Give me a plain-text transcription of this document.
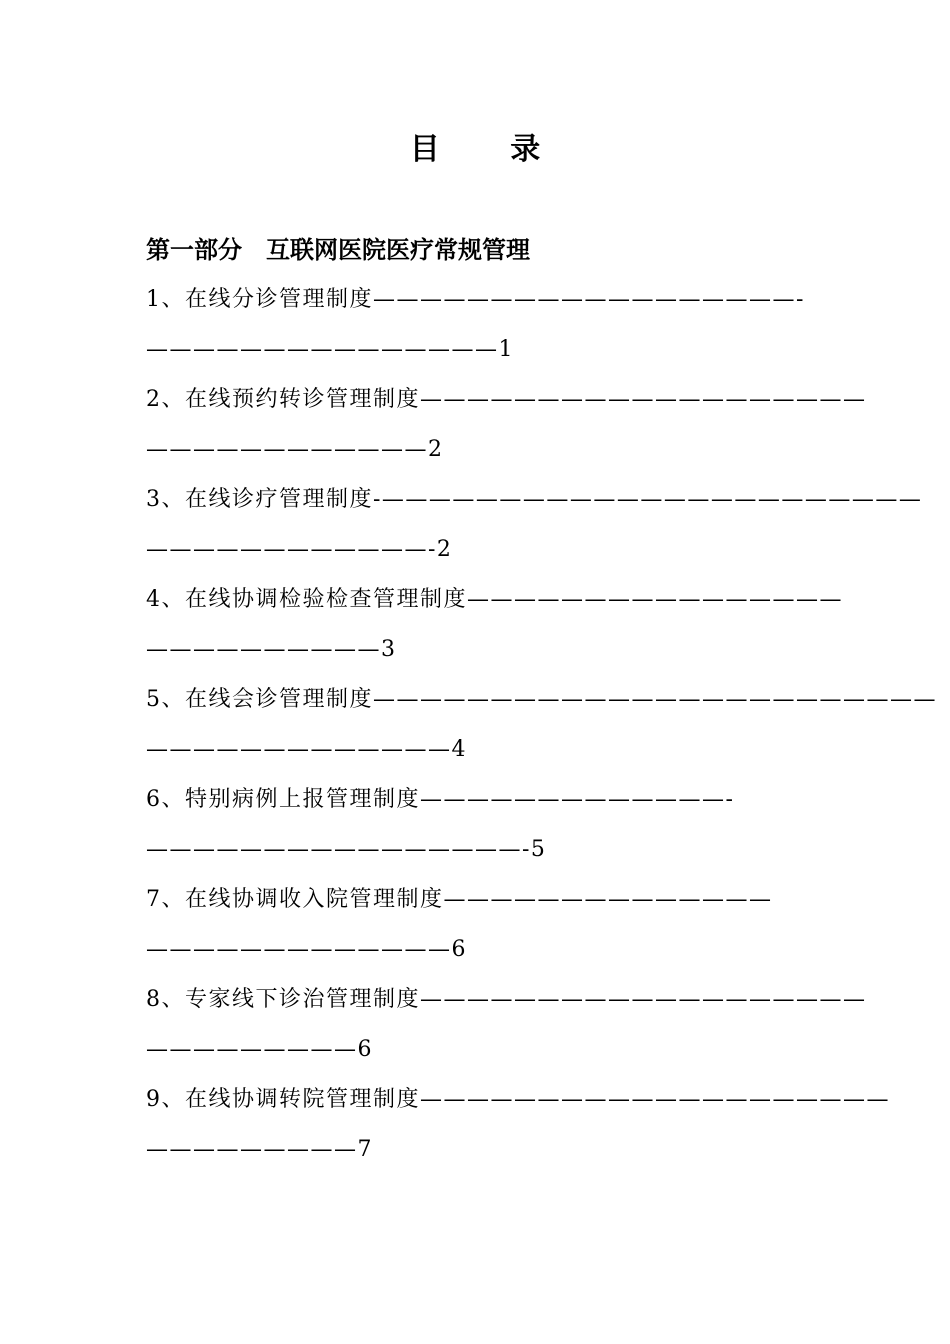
目 录
第一部分　互联网医院医疗常规管理
1、在线分诊管理制度——————————————————-
———————————————1
2、在线预约转诊管理制度———————————————————
————————————2
3、在线诊疗管理制度-———————————————————————
————————————-2
4、在线协调检验检查管理制度————————————————
——————————3
5、在线会诊管理制度————————————————————————
—————————————4
6、特别病例上报管理制度—————————————-
————————————————-5
7、在线协调收入院管理制度——————————————
—————————————6
8、专家线下诊治管理制度———————————————————
—————————6
9、在线协调转院管理制度————————————————————
—————————7
